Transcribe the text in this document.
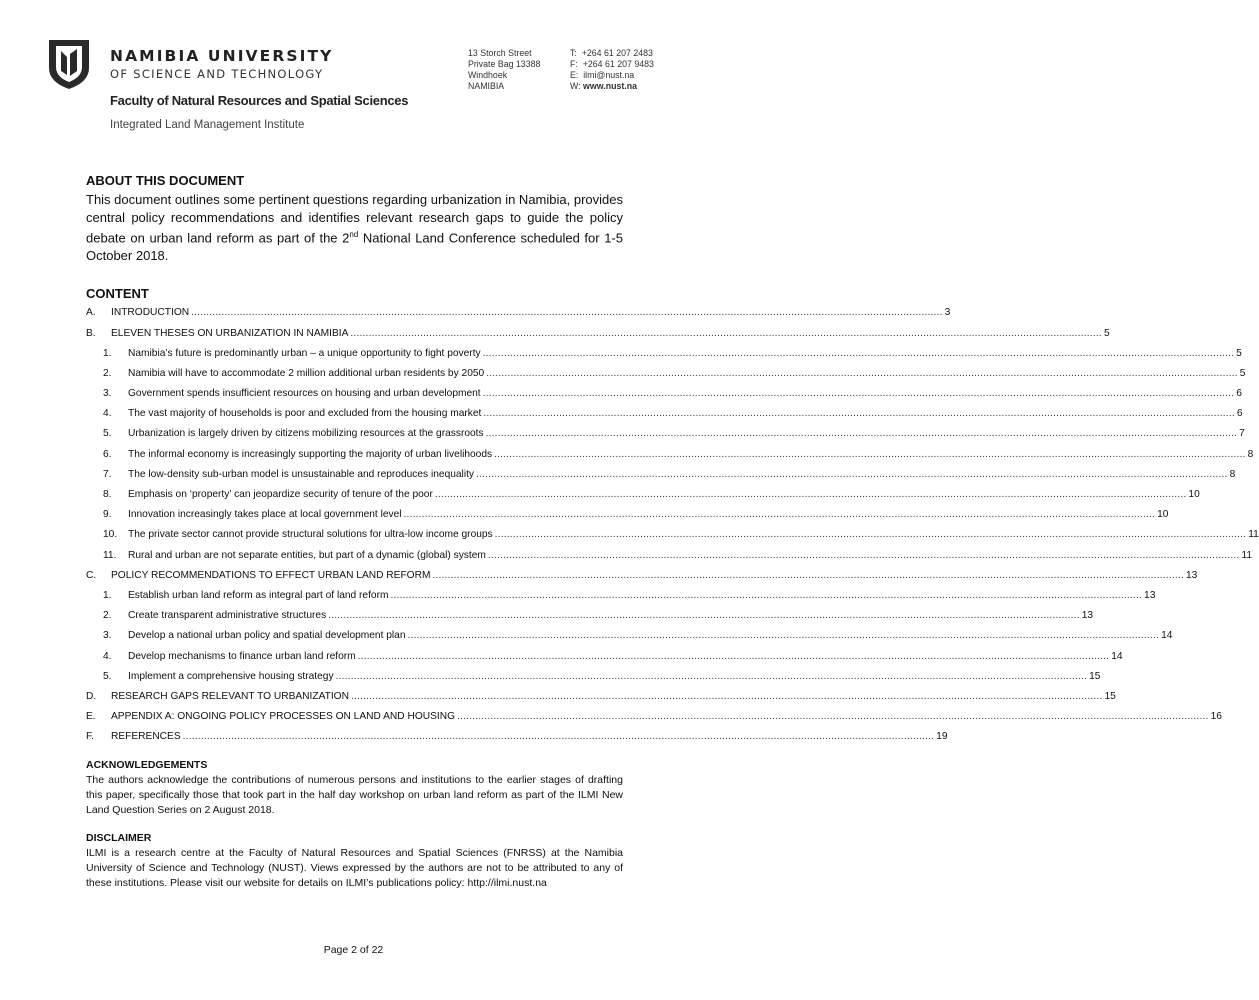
NAMIBIA UNIVERSITY
OF SCIENCE AND TECHNOLOGY
Faculty of Natural Resources and Spatial Sciences
Integrated Land Management Institute
13 Storch Street
Private Bag 13388
Windhoek
NAMIBIA
T: +264 61 207 2483
F: +264 61 207 9483
E: ilmi@nust.na
W: www.nust.na
ABOUT THIS DOCUMENT

This document outlines some pertinent questions regarding urbanization in Namibia, provides central policy recommendations and identifies relevant research gaps to guide the policy debate on urban land reform as part of the 2nd National Land Conference scheduled for 1-5 October 2018.

CONTENT
A.	INTRODUCTION .....	3
B.	ELEVEN THESES ON URBANIZATION IN NAMIBIA .....	5
1.	Namibia’s future is predominantly urban – a unique opportunity to fight poverty .....	5
2.	Namibia will have to accommodate 2 million additional urban residents by 2050 .....	5
3.	Government spends insufficient resources on housing and urban development .....	6
4.	The vast majority of households is poor and excluded from the housing market .....	6
5.	Urbanization is largely driven by citizens mobilizing resources at the grassroots .....	7
6.	The informal economy is increasingly supporting the majority of urban livelihoods .....	8
7.	The low-density sub-urban model is unsustainable and reproduces inequality .....	8
8.	Emphasis on ‘property’ can jeopardize security of tenure of the poor .....	10
9.	Innovation increasingly takes place at local government level .....	10
10.	The private sector cannot provide structural solutions for ultra-low income groups .....	11
11.	Rural and urban are not separate entities, but part of a dynamic (global) system .....	11
C.	POLICY RECOMMENDATIONS TO EFFECT URBAN LAND REFORM .....	13
1.	Establish urban land reform as integral part of land reform .....	13
2.	Create transparent administrative structures .....	13
3.	Develop a national urban policy and spatial development plan .....	14
4.	Develop mechanisms to finance urban land reform .....	14
5.	Implement a comprehensive housing strategy .....	15
D.	RESEARCH GAPS RELEVANT TO URBANIZATION .....	15
E.	APPENDIX A: ONGOING POLICY PROCESSES ON LAND AND HOUSING .....	16
F.	REFERENCES .....	19
ACKNOWLEDGEMENTS

The authors acknowledge the contributions of numerous persons and institutions to the earlier stages of drafting this paper, specifically those that took part in the half day workshop on urban land reform as part of the ILMI New Land Question Series on 2 August 2018.

DISCLAIMER

ILMI is a research centre at the Faculty of Natural Resources and Spatial Sciences (FNRSS) at the Namibia University of Science and Technology (NUST). Views expressed by the authors are not to be attributed to any of these institutions. Please visit our website for details on ILMI’s publications policy: http://ilmi.nust.na

Page 2 of 22
